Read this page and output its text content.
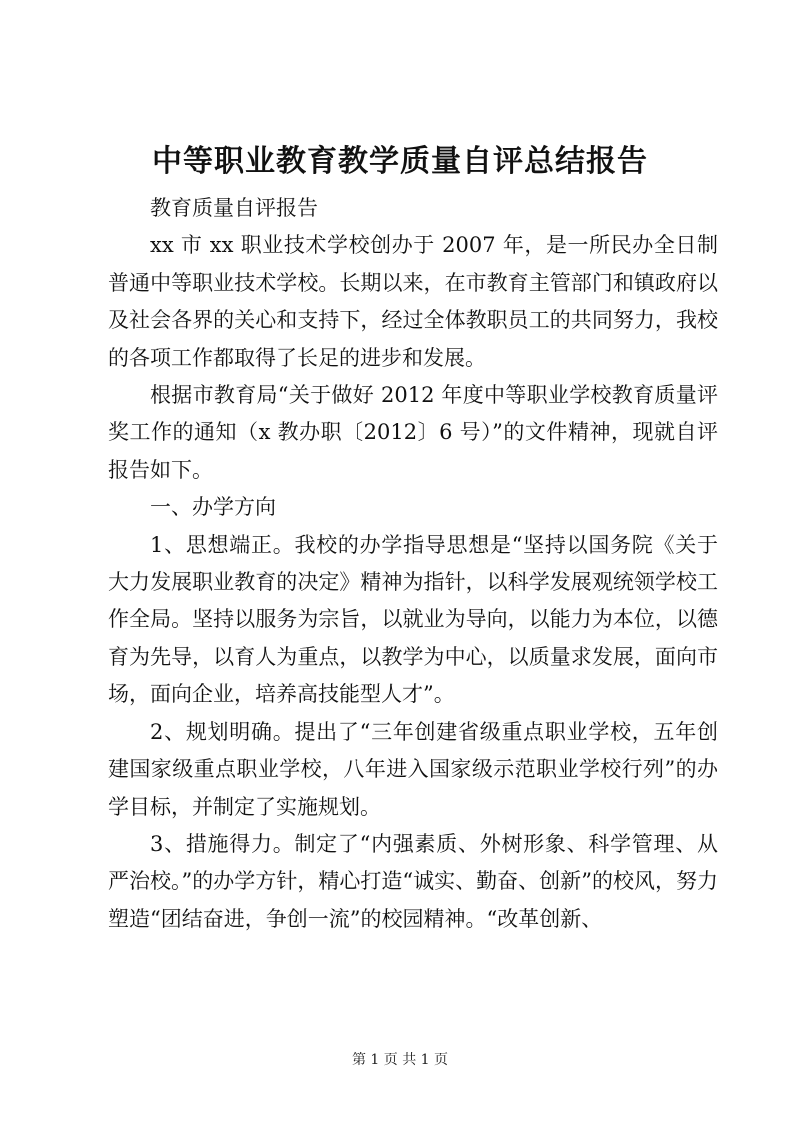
中等职业教育教学质量自评总结报告

教育质量自评报告

xx 市 xx 职业技术学校创办于 2007 年，是一所民办全日制普通中等职业技术学校。长期以来，在市教育主管部门和镇政府以及社会各界的关心和支持下，经过全体教职员工的共同努力，我校的各项工作都取得了长足的进步和发展。

根据市教育局“关于做好 2012 年度中等职业学校教育质量评奖工作的通知（x 教办职〔2012〕6 号）”的文件精神，现就自评报告如下。

一、办学方向

1、思想端正。我校的办学指导思想是“坚持以国务院《关于大力发展职业教育的决定》精神为指针，以科学发展观统领学校工作全局。坚持以服务为宗旨，以就业为导向，以能力为本位，以德育为先导，以育人为重点，以教学为中心，以质量求发展，面向市场，面向企业，培养高技能型人才”。

2、规划明确。提出了“三年创建省级重点职业学校，五年创建国家级重点职业学校，八年进入国家级示范职业学校行列”的办学目标，并制定了实施规划。

3、措施得力。制定了“内强素质、外树形象、科学管理、从严治校。”的办学方针，精心打造“诚实、勤奋、创新”的校风，努力塑造“团结奋进，争创一流”的校园精神。“改革创新、

第 1 页 共 1 页
